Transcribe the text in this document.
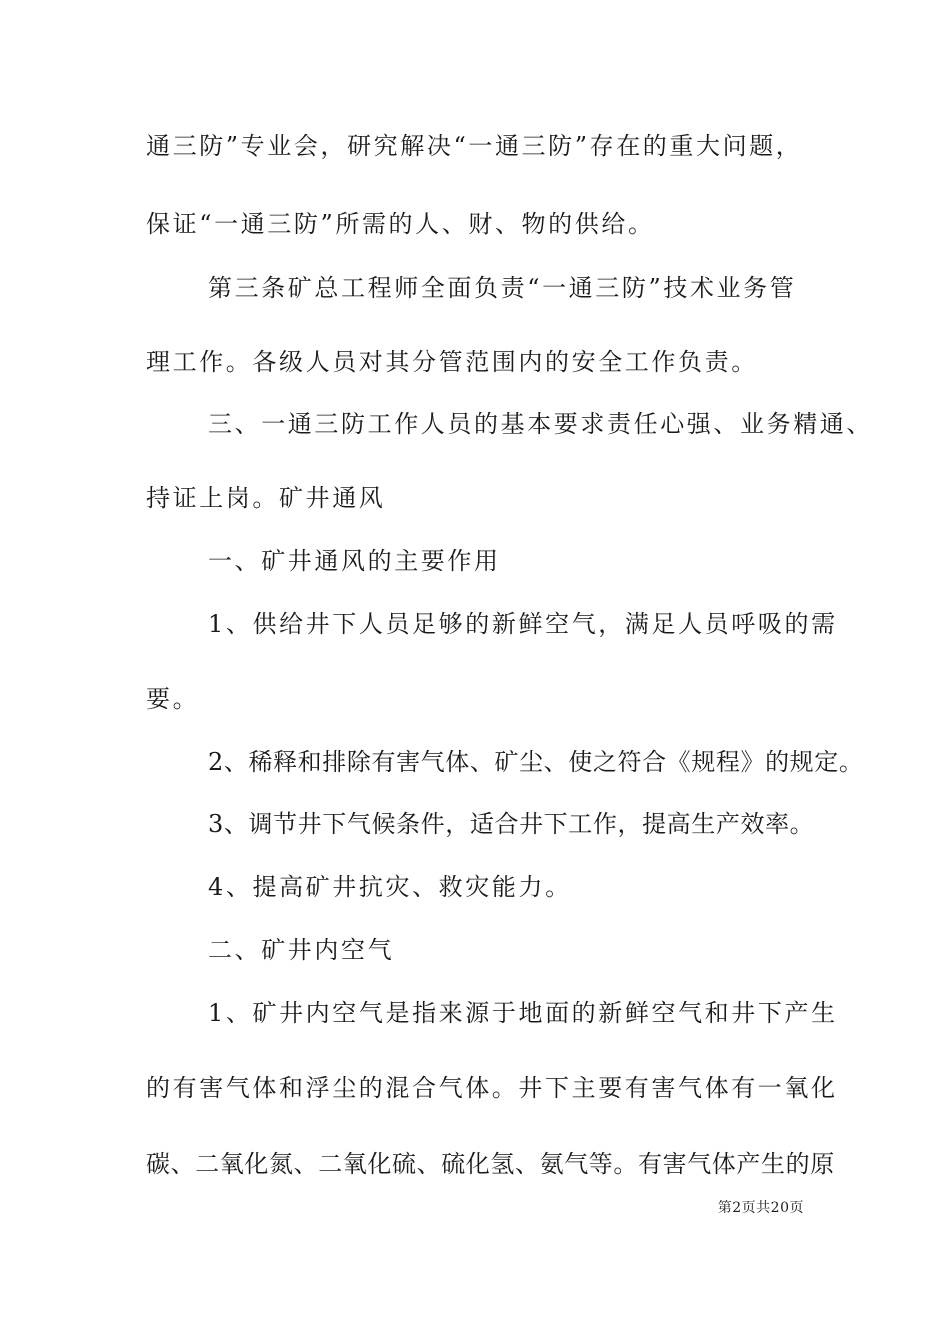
通三防”专业会，研究解决“一通三防”存在的重大问题，
保证“一通三防”所需的人、财、物的供给。
第三条矿总工程师全面负责“一通三防”技术业务管
理工作。各级人员对其分管范围内的安全工作负责。
三、一通三防工作人员的基本要求责任心强、业务精通、
持证上岗。矿井通风
一、矿井通风的主要作用
1、供给井下人员足够的新鲜空气，满足人员呼吸的需
要。
2、稀释和排除有害气体、矿尘、使之符合《规程》的规定。
3、调节井下气候条件，适合井下工作，提高生产效率。
4、提高矿井抗灾、救灾能力。
二、矿井内空气
1、矿井内空气是指来源于地面的新鲜空气和井下产生
的有害气体和浮尘的混合气体。井下主要有害气体有一氧化
碳、二氧化氮、二氧化硫、硫化氢、氨气等。有害气体产生的原
第2页共20页
